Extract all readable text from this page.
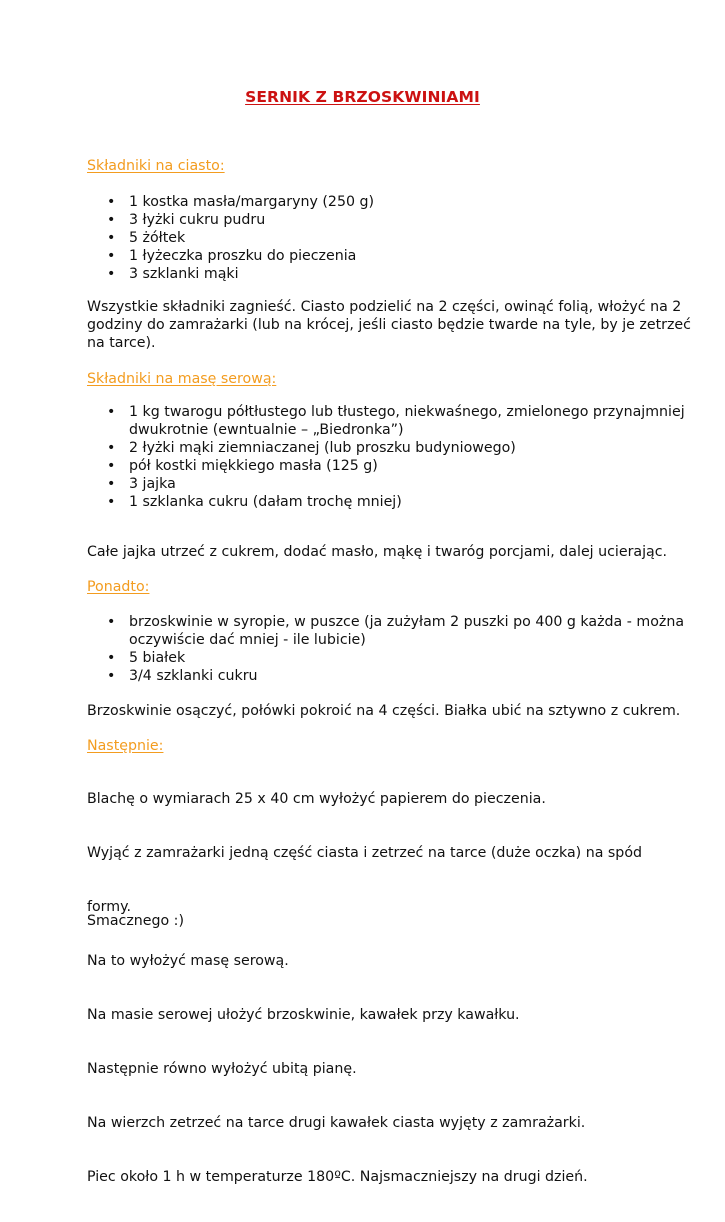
SERNIK Z BRZOSKWINIAMI
Składniki na ciasto:
• 1 kostka masła/margaryny (250 g)
• 3 łyżki cukru pudru
• 5 żółtek
• 1 łyżeczka proszku do pieczenia
• 3 szklanki mąki
Wszystkie składniki zagnieść. Ciasto podzielić na 2 części, owinąć folią, włożyć na 2
godziny do zamrażarki (lub na krócej, jeśli ciasto będzie twarde na tyle, by je zetrzeć
na tarce).
Składniki na masę serową:
• 1 kg twarogu półtłustego lub tłustego, niekwaśnego, zmielonego przynajmniej
dwukrotnie (ewntualnie – „Biedronka”)
• 2 łyżki mąki ziemniaczanej (lub proszku budyniowego)
• pół kostki miękkiego masła (125 g)
• 3 jajka
• 1 szklanka cukru (dałam trochę mniej)
Całe jajka utrzeć z cukrem, dodać masło, mąkę i twaróg porcjami, dalej ucierając.
Ponadto:
• brzoskwinie w syropie, w puszce (ja zużyłam 2 puszki po 400 g każda - można
oczywiście dać mniej - ile lubicie)
• 5 białek
• 3/4 szklanki cukru
Brzoskwinie osączyć, połówki pokroić na 4 części. Białka ubić na sztywno z cukrem.
Następnie:

Blachę o wymiarach 25 x 40 cm wyłożyć papierem do pieczenia.

Wyjąć z zamrażarki jedną część ciasta i zetrzeć na tarce (duże oczka) na spód

formy.

Na to wyłożyć masę serową.

Na masie serowej ułożyć brzoskwinie, kawałek przy kawałku.

Następnie równo wyłożyć ubitą pianę.

Na wierzch zetrzeć na tarce drugi kawałek ciasta wyjęty z zamrażarki.

Piec około 1 h w temperaturze 180ºC. Najsmaczniejszy na drugi dzień.

Smacznego :)
